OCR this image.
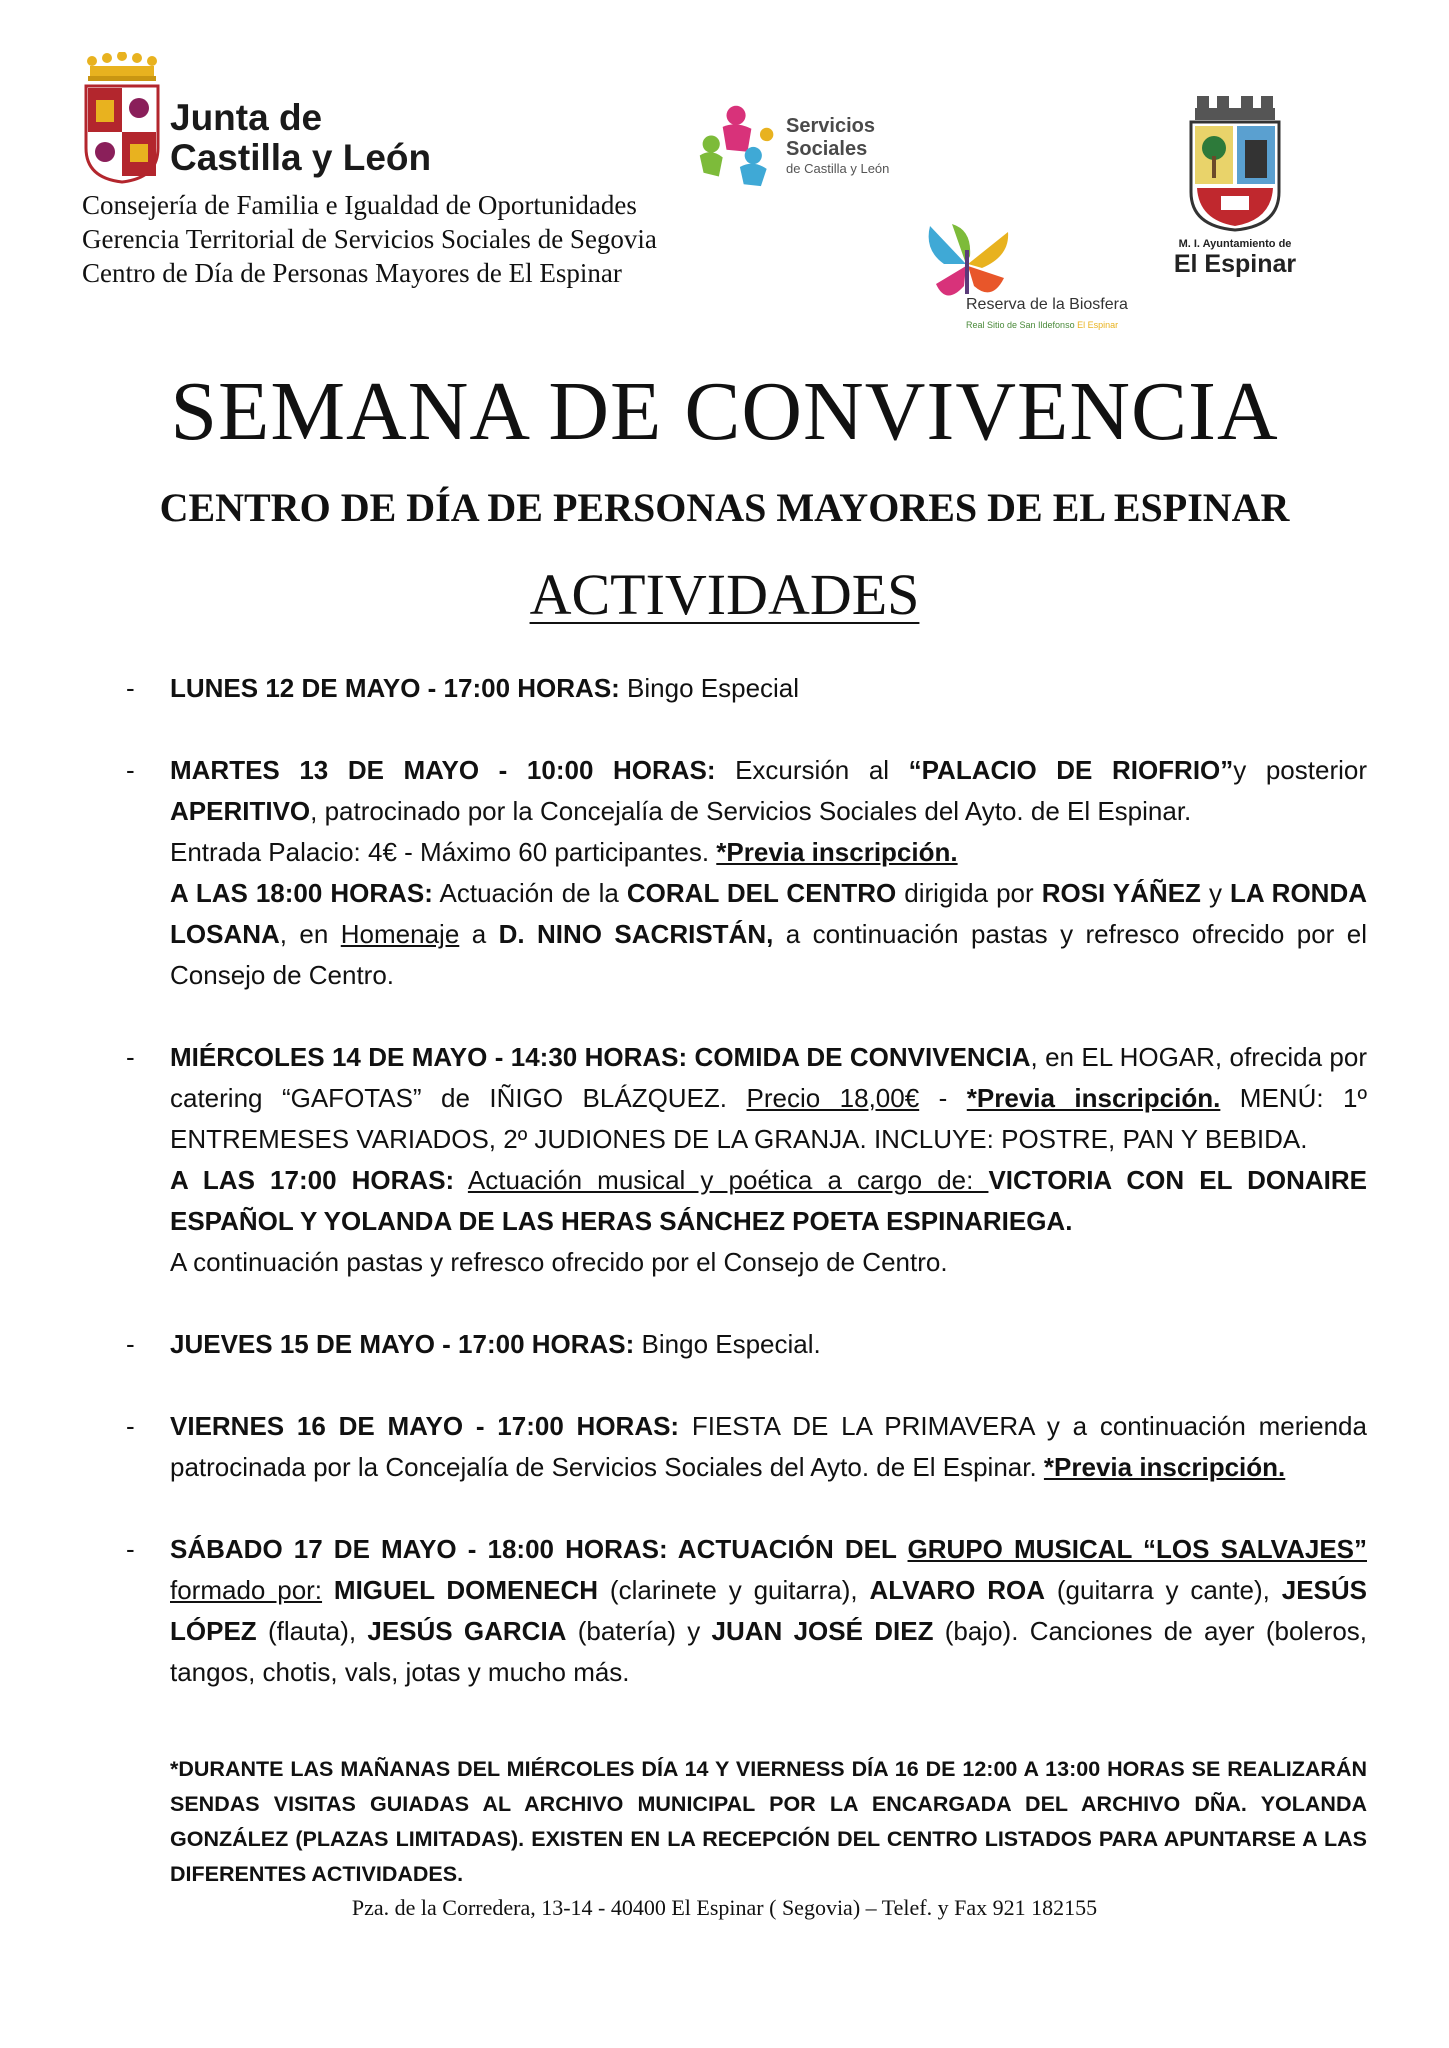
Junta de
Castilla y León
Consejería de Familia e Igualdad de Oportunidades
Gerencia Territorial de Servicios Sociales de Segovia
Centro de Día de Personas Mayores de El Espinar
Servicios Sociales
de Castilla y León
Reserva de la Biosfera
Real Sitio de San Ildefonso El Espinar
M. I. Ayuntamiento de
El Espinar
SEMANA DE CONVIVENCIA
CENTRO DE DÍA DE PERSONAS MAYORES DE EL ESPINAR
ACTIVIDADES
- LUNES 12 DE MAYO - 17:00 HORAS: Bingo Especial

- MARTES 13 DE MAYO - 10:00 HORAS: Excursión al “PALACIO DE RIOFRIO”y posterior APERITIVO, patrocinado por la Concejalía de Servicios Sociales del Ayto. de El Espinar.

Entrada Palacio: 4€ - Máximo 60 participantes. *Previa inscripción.

A LAS 18:00 HORAS: Actuación de la CORAL DEL CENTRO dirigida por ROSI YÁÑEZ y LA RONDA LOSANA, en Homenaje a D. NINO SACRISTÁN, a continuación pastas y refresco ofrecido por el Consejo de Centro.

- MIÉRCOLES 14 DE MAYO - 14:30 HORAS: COMIDA DE CONVIVENCIA, en EL HOGAR, ofrecida por catering “GAFOTAS” de IÑIGO BLÁZQUEZ. Precio 18,00€ - *Previa inscripción. MENÚ: 1º ENTREMESES VARIADOS, 2º JUDIONES DE LA GRANJA. INCLUYE: POSTRE, PAN Y BEBIDA.

A LAS 17:00 HORAS: Actuación musical y poética a cargo de: VICTORIA CON EL DONAIRE ESPAÑOL Y YOLANDA DE LAS HERAS SÁNCHEZ POETA ESPINARIEGA.

A continuación pastas y refresco ofrecido por el Consejo de Centro.

- JUEVES 15 DE MAYO - 17:00 HORAS: Bingo Especial.

- VIERNES 16 DE MAYO - 17:00 HORAS: FIESTA DE LA PRIMAVERA y a continuación merienda patrocinada por la Concejalía de Servicios Sociales del Ayto. de El Espinar. *Previa inscripción.

- SÁBADO 17 DE MAYO - 18:00 HORAS: ACTUACIÓN DEL GRUPO MUSICAL “LOS SALVAJES” formado por: MIGUEL DOMENECH (clarinete y guitarra), ALVARO ROA (guitarra y cante), JESÚS LÓPEZ (flauta), JESÚS GARCIA (batería) y JUAN JOSÉ DIEZ (bajo). Canciones de ayer (boleros, tangos, chotis, vals, jotas y mucho más.

*DURANTE LAS MAÑANAS DEL MIÉRCOLES DÍA 14 Y VIERNESS DÍA 16 DE 12:00 A 13:00 HORAS SE REALIZARÁN SENDAS VISITAS GUIADAS AL ARCHIVO MUNICIPAL POR LA ENCARGADA DEL ARCHIVO DÑA. YOLANDA GONZÁLEZ (PLAZAS LIMITADAS). EXISTEN EN LA RECEPCIÓN DEL CENTRO LISTADOS PARA APUNTARSE A LAS DIFERENTES ACTIVIDADES.
Pza. de la Corredera, 13-14 - 40400 El Espinar ( Segovia) – Telef. y Fax 921 182155
